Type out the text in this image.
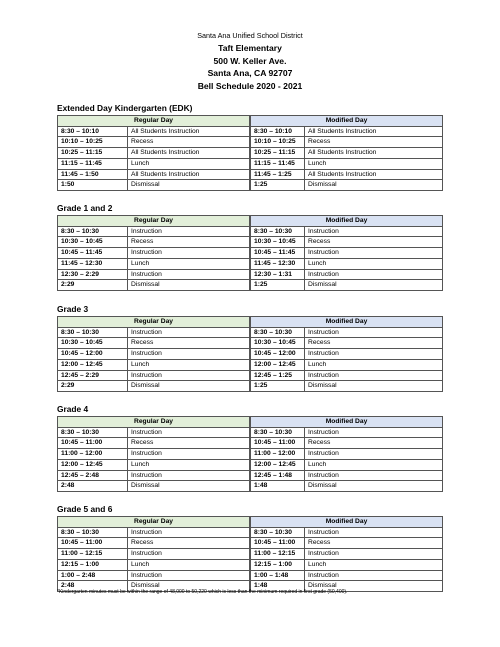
Santa Ana Unified School District
Taft Elementary
500 W. Keller Ave.
Santa Ana, CA 92707
Bell Schedule 2020 - 2021
Extended Day Kindergarten (EDK)
Regular Day	
8:30 – 10:10	All Students Instruction
10:10 – 10:25	Recess
10:25 – 11:15	All Students Instruction
11:15 – 11:45	Lunch
11:45 – 1:50	All Students Instruction
1:50	Dismissal
Modified Day	
8:30 – 10:10	All Students Instruction
10:10 – 10:25	Recess
10:25 – 11:15	All Students Instruction
11:15 – 11:45	Lunch
11:45 – 1:25	All Students Instruction
1:25	Dismissal
Grade 1 and 2
Regular Day	
8:30 – 10:30	Instruction
10:30 – 10:45	Recess
10:45 – 11:45	Instruction
11:45 – 12:30	Lunch
12:30 – 2:29	Instruction
2:29	Dismissal
Modified Day	
8:30 – 10:30	Instruction
10:30 – 10:45	Recess
10:45 – 11:45	Instruction
11:45 – 12:30	Lunch
12:30 – 1:31	Instruction
1:25	Dismissal
Grade 3
Regular Day	
8:30 – 10:30	Instruction
10:30 – 10:45	Recess
10:45 – 12:00	Instruction
12:00 – 12:45	Lunch
12:45 – 2:29	Instruction
2:29	Dismissal
Modified Day	
8:30 – 10:30	Instruction
10:30 – 10:45	Recess
10:45 – 12:00	Instruction
12:00 – 12:45	Lunch
12:45 – 1:25	Instruction
1:25	Dismissal
Grade 4
Regular Day	
8:30 – 10:30	Instruction
10:45 – 11:00	Recess
11:00 – 12:00	Instruction
12:00 – 12:45	Lunch
12:45 – 2:48	Instruction
2:48	Dismissal
Modified Day	
8:30 – 10:30	Instruction
10:45 – 11:00	Recess
11:00 – 12:00	Instruction
12:00 – 12:45	Lunch
12:45 – 1:48	Instruction
1:48	Dismissal
Grade 5 and 6
Regular Day	
8:30 – 10:30	Instruction
10:45 – 11:00	Recess
11:00 – 12:15	Instruction
12:15 – 1:00	Lunch
1:00 – 2:48	Instruction
2:48	Dismissal
Modified Day	
8:30 – 10:30	Instruction
10:45 – 11:00	Recess
11:00 – 12:15	Instruction
12:15 – 1:00	Lunch
1:00 – 1:48	Instruction
1:48	Dismissal
*Kindergarten minutes must be within the range of 48,000 to 50,220 which is less than the minimum required in first grade (50,400).
